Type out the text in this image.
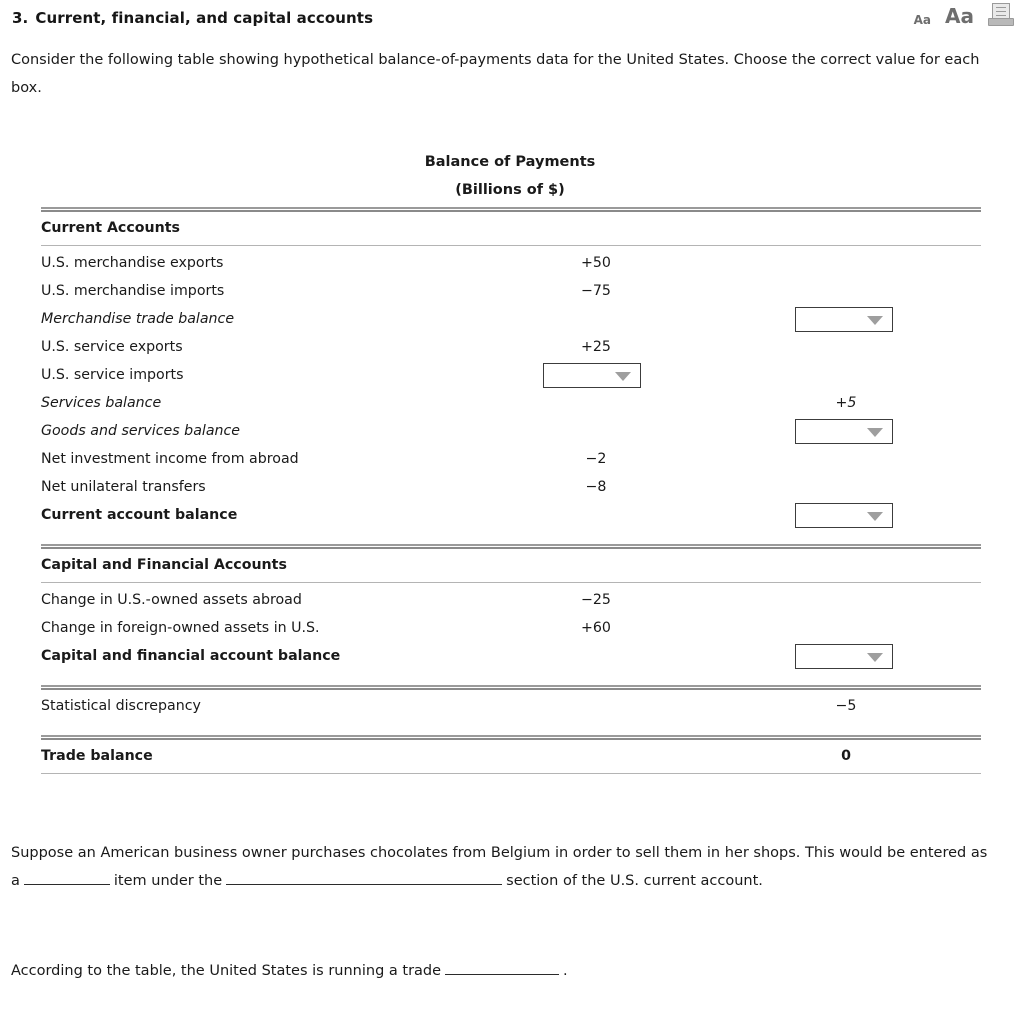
3. Current, financial, and capital accounts	Aa Aa
Consider the following table showing hypothetical balance-of-payments data for the United States. Choose the correct value for each box.
Balance of Payments
(Billions of $)

Current Accounts		

U.S. merchandise exports	+50	
U.S. merchandise imports	−75	
Merchandise trade balance		

U.S. service exports	+25	
U.S. service imports	

Services balance		+5
Goods and services balance		

Net investment income from abroad	−2	
Net unilateral transfers	−8	
Current account balance		

Capital and Financial Accounts		

Change in U.S.-owned assets abroad	−25	
Change in foreign-owned assets in U.S.	+60	
Capital and financial account balance		

Statistical discrepancy		−5

Trade balance		0

Suppose an American business owner purchases chocolates from Belgium in order to sell them in her shops. This would be entered as a	item under the	section of the U.S. current account.
According to the table, the United States is running a trade	.
